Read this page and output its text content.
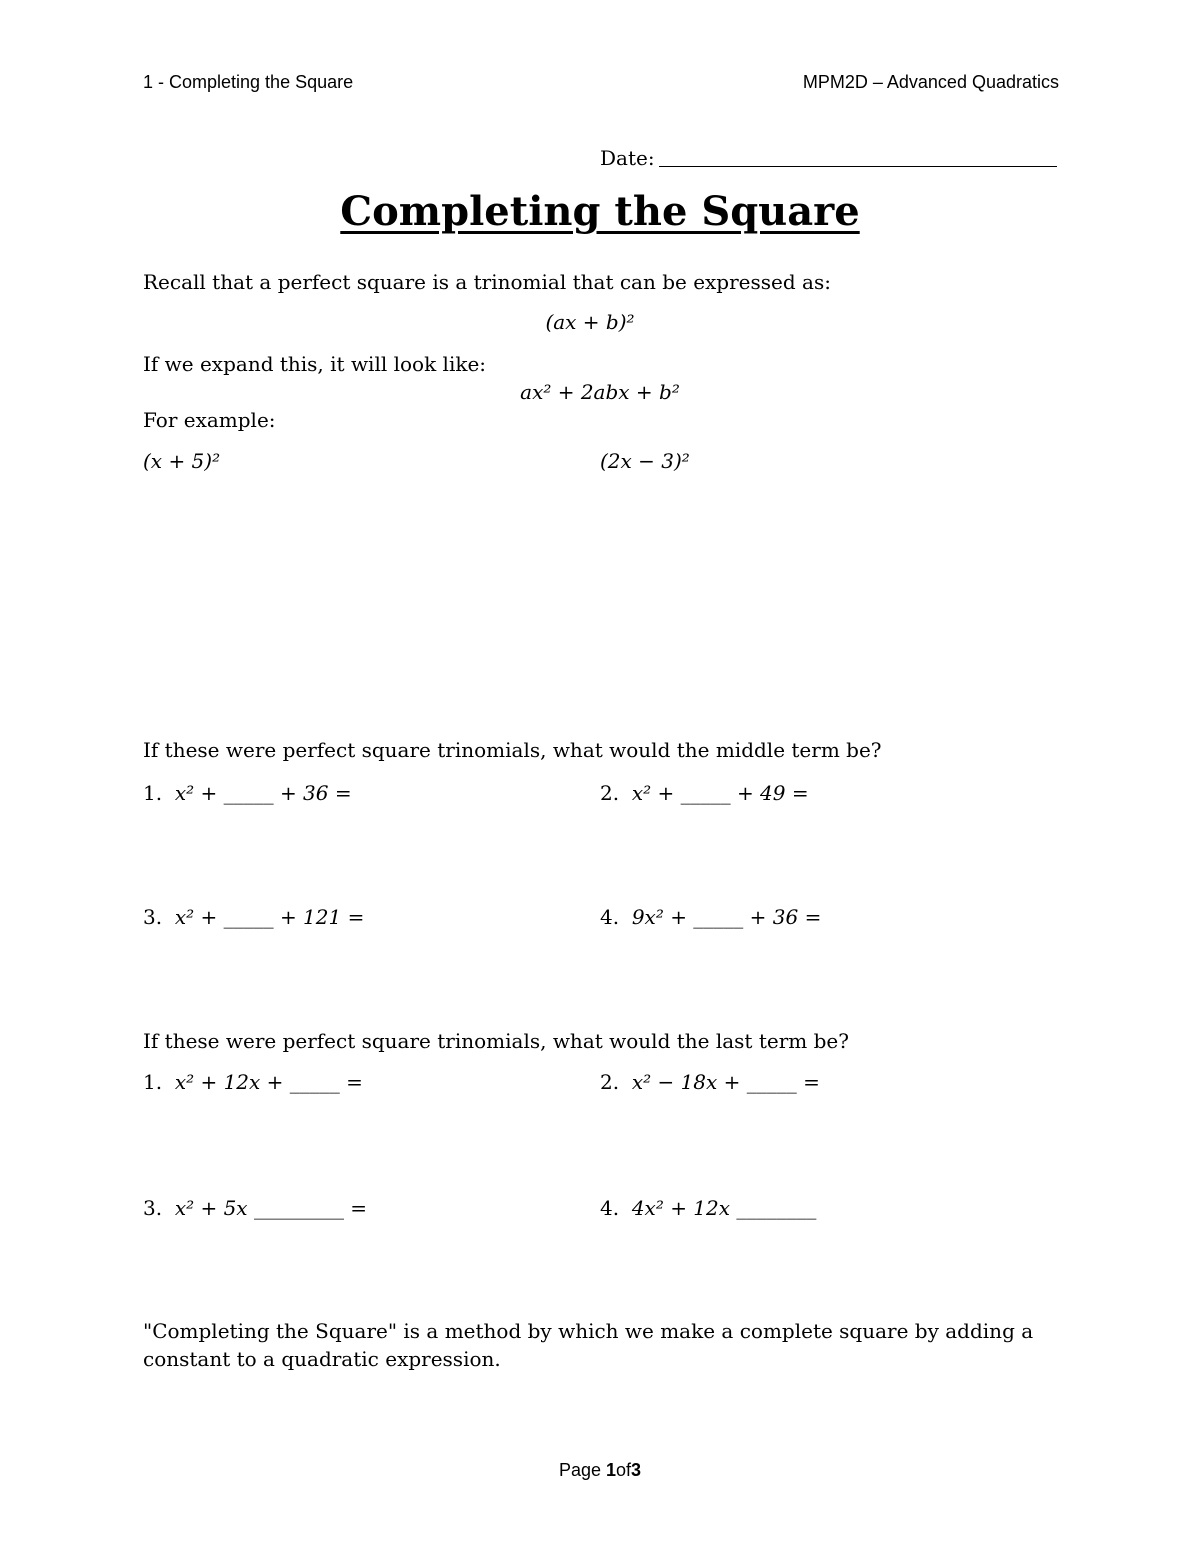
1 - Completing the Square	MPM2D – Advanced Quadratics
Date:
Completing the Square
Recall that a perfect square is a trinomial that can be expressed as:
(ax + b)²
If we expand this, it will look like:
ax² + 2abx + b²
For example:
(x + 5)²	(2x − 3)²
If these were perfect square trinomials, what would the middle term be?
1. x² + _____ + 36 =	2. x² + _____ + 49 =
3. x² + _____ + 121 =	4. 9x² + _____ + 36 =
If these were perfect square trinomials, what would the last term be?
1. x² + 12x + _____ =	2. x² − 18x + _____ =
3. x² + 5x _________ =	4. 4x² + 12x ________
"Completing the Square" is a method by which we make a complete square by adding a
constant to a quadratic expression.
Page 1of3
